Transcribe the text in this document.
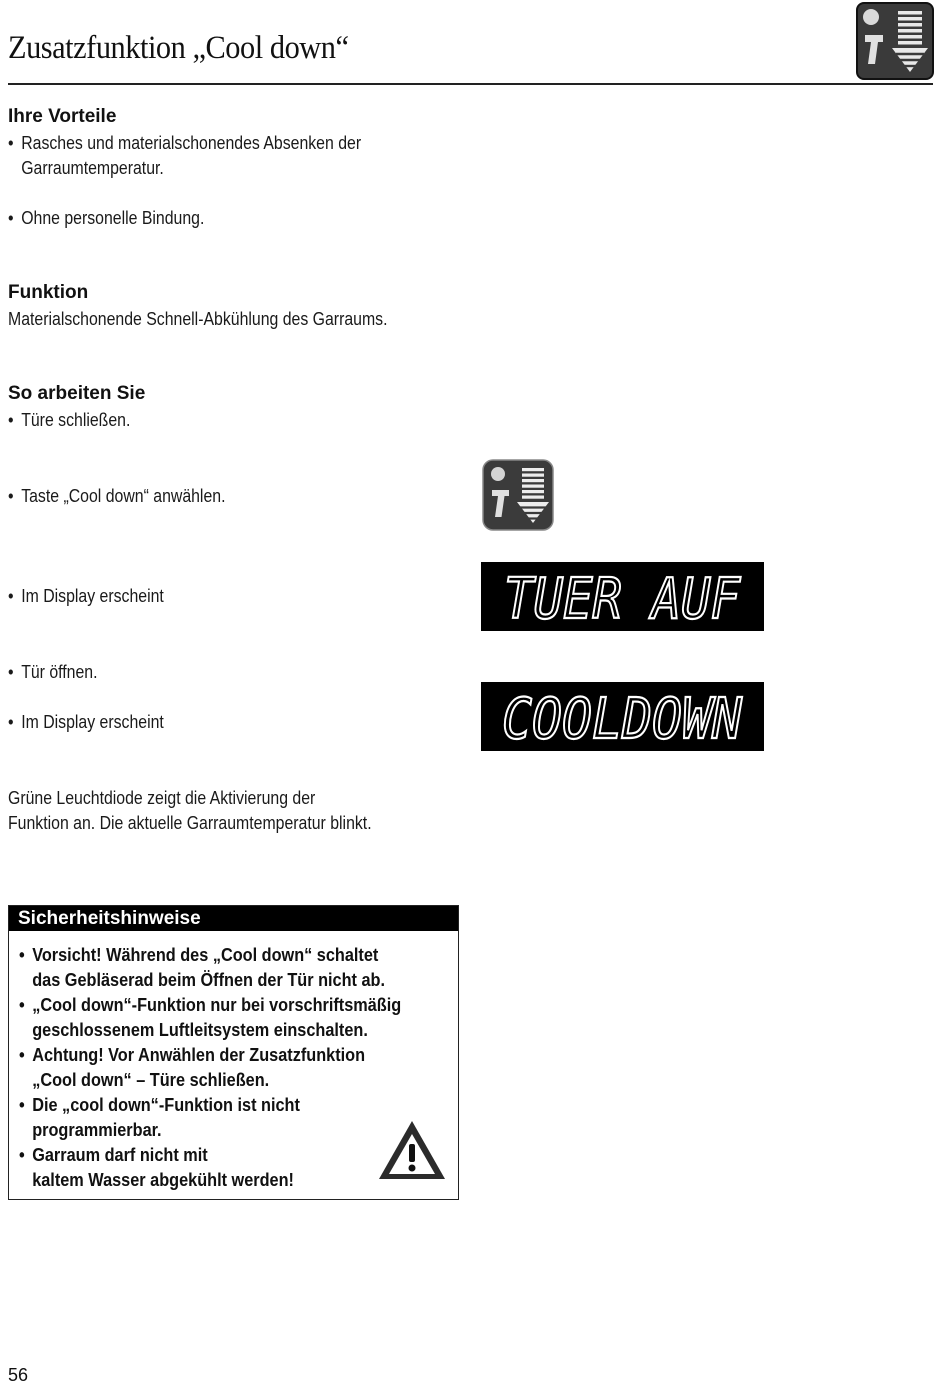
Zusatzfunktion „Cool down“
Ihre Vorteile
• Rasches und materialschonendes Absenken der
Garraumtemperatur.
• Ohne personelle Bindung.
Funktion
Materialschonende Schnell-Abkühlung des Garraums.
So arbeiten Sie
• Türe schließen.
• Taste „Cool down“ anwählen.
• Im Display erscheint	TUER AUF
• Tür öffnen.
• Im Display erscheint	COOLDOWN
Grüne Leuchtdiode zeigt die Aktivierung der
Funktion an. Die aktuelle Garraumtemperatur blinkt.
Sicherheitshinweise
• Vorsicht! Während des „Cool down“ schaltet
das Gebläserad beim Öffnen der Tür nicht ab.
• „Cool down“-Funktion nur bei vorschriftsmäßig
geschlossenem Luftleitsystem einschalten.
• Achtung! Vor Anwählen der Zusatzfunktion
„Cool down“ – Türe schließen.
• Die „cool down“-Funktion ist nicht
programmierbar.
• Garraum darf nicht mit
kaltem Wasser abgekühlt werden!
56
